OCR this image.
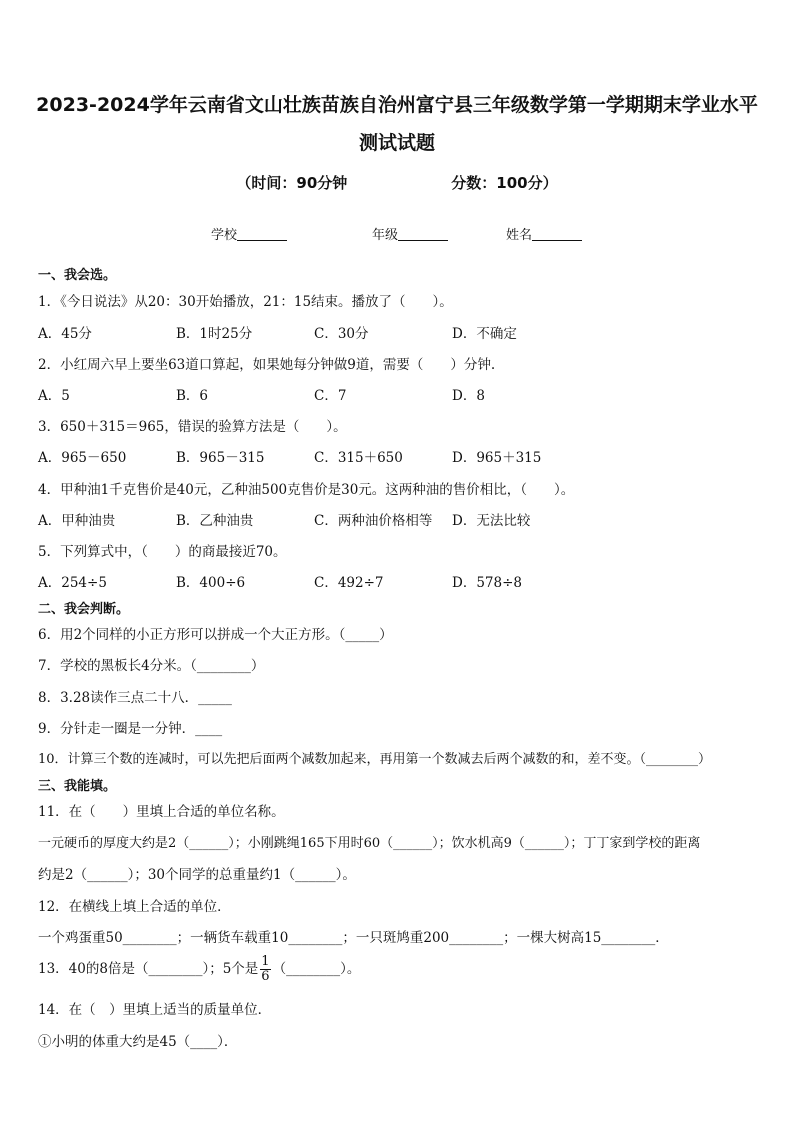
2023-2024学年云南省文山壮族苗族自治州富宁县三年级数学第一学期期末学业水平
测试试题
（时间：90分钟	分数：100分）
学校	年级	姓名
一、我会选。
1．《今日说法》从20：30开始播放，21：15结束。播放了（　　）。
A．45分	B．1时25分	C．30分	D．不确定
2．小红周六早上要坐63道口算起，如果她每分钟做9道，需要（　　）分钟.
A．5	B．6	C．7	D．8
3．650＋315＝965，错误的验算方法是（　　）。
A．965－650	B．965－315	C．315＋650	D．965＋315
4．甲种油1千克售价是40元，乙种油500克售价是30元。这两种油的售价相比，（　　）。
A．甲种油贵	B．乙种油贵	C．两种油价格相等 D．无法比较
5．下列算式中，（　　）的商最接近70。
A．254÷5	B．400÷6	C．492÷7	D．578÷8
二、我会判断。
6．用2个同样的小正方形可以拼成一个大正方形。（_____）
7．学校的黑板长4分米。（________）
8．3.28读作三点二十八．_____
9．分针走一圈是一分钟．____
10．计算三个数的连减时，可以先把后面两个减数加起来，再用第一个数减去后两个减数的和，差不变。（________）
三、我能填。
11．在（　　）里填上合适的单位名称。
一元硬币的厚度大约是2（______）；小刚跳绳165下用时60（______）；饮水机高9（______）；丁丁家到学校的距离
约是2（______）；30个同学的总重量约1（______）。
12．在横线上填上合适的单位．
一个鸡蛋重50________；一辆货车载重10________；一只斑鸠重200________；一棵大树高15________．
13．40的8倍是（________）；5个是 $\frac{1}{6}$ （________）。
14．在（　）里填上适当的质量单位．
①小明的体重大约是45（____）．
